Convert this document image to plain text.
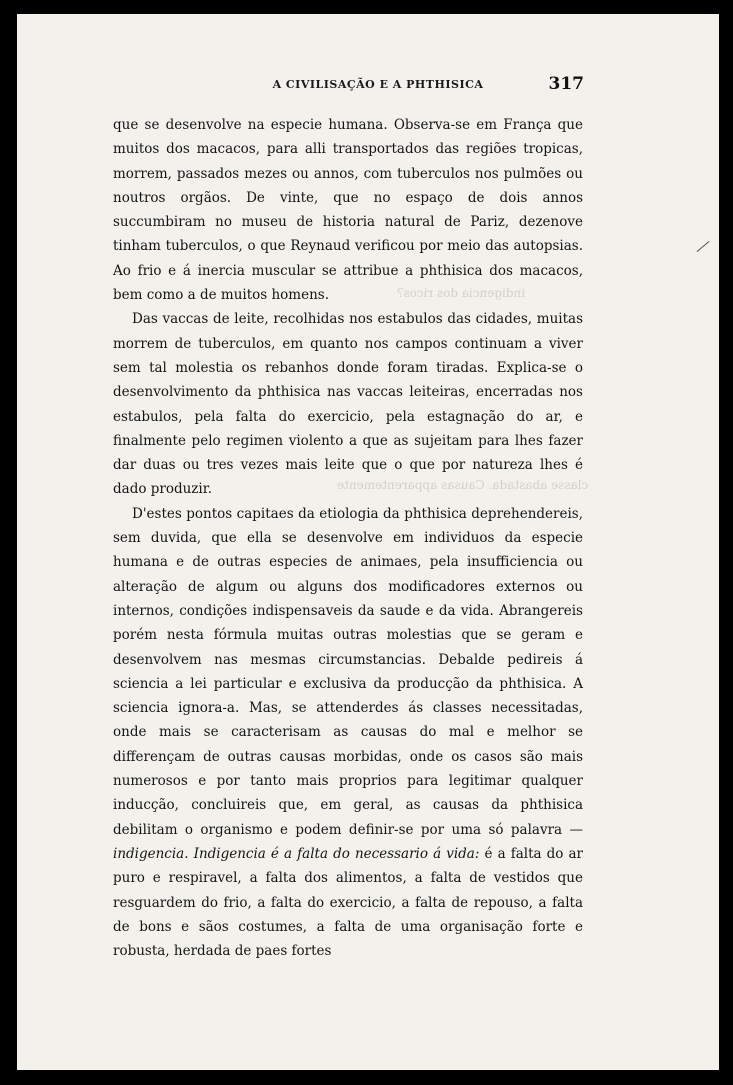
A CIVILISAÇÃO E A PHTHISICA	317
indigencia dos ricos?
classe abastada. Causas apparentemente

que se desenvolve na especie humana. Observa-se em França que muitos dos macacos, para alli transportados das regiões tropicas, morrem, passados mezes ou annos, com tuberculos nos pulmões ou noutros orgãos. De vinte, que no espaço de dois annos succumbiram no museu de historia natural de Pariz, dezenove tinham tuberculos, o que Reynaud verificou por meio das autopsias. Ao frio e á inercia muscular se attribue a phthisica dos macacos, bem como a de muitos homens.

Das vaccas de leite, recolhidas nos estabulos das cidades, muitas morrem de tuberculos, em quanto nos campos continuam a viver sem tal molestia os rebanhos donde foram tiradas. Explica-se o desenvolvimento da phthisica nas vaccas leiteiras, encerradas nos estabulos, pela falta do exercicio, pela estagnação do ar, e finalmente pelo regimen violento a que as sujeitam para lhes fazer dar duas ou tres vezes mais leite que o que por natureza lhes é dado produzir.

D'estes pontos capitaes da etiologia da phthisica deprehendereis, sem duvida, que ella se desenvolve em individuos da especie humana e de outras especies de animaes, pela insufficiencia ou alteração de algum ou alguns dos modificadores externos ou internos, condições indispensaveis da saude e da vida. Abrangereis porém nesta fórmula muitas outras molestias que se geram e desenvolvem nas mesmas circumstancias. Debalde pedireis á sciencia a lei particular e exclusiva da producção da phthisica. A sciencia ignora-a. Mas, se attenderdes ás classes necessitadas, onde mais se caracterisam as causas do mal e melhor se differençam de outras causas morbidas, onde os casos são mais numerosos e por tanto mais proprios para legitimar qualquer inducção, concluireis que, em geral, as causas da phthisica debilitam o organismo e podem definir-se por uma só palavra — indigencia. Indigencia é a falta do necessario á vida: é a falta do ar puro e respiravel, a falta dos alimentos, a falta de vestidos que resguardem do frio, a falta do exercicio, a falta de repouso, a falta de bons e sãos costumes, a falta de uma organisação forte e robusta, herdada de paes fortes
